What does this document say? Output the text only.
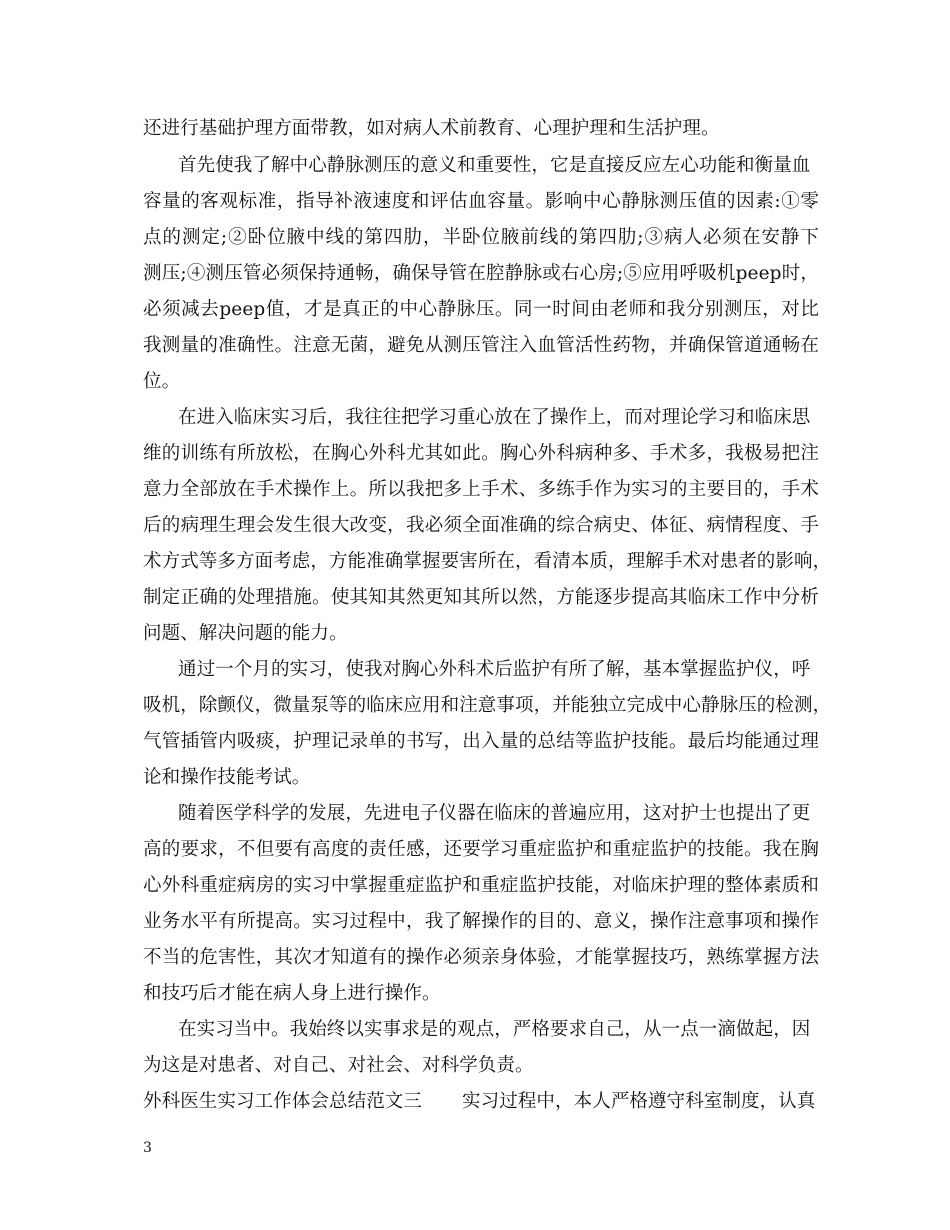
还进行基础护理方面带教，如对病人术前教育、心理护理和生活护理。
首先使我了解中心静脉测压的意义和重要性，它是直接反应左心功能和衡量血
容量的客观标准，指导补液速度和评估血容量。影响中心静脉测压值的因素:①零
点的测定;②卧位腋中线的第四肋，半卧位腋前线的第四肋;③病人必须在安静下
测压;④测压管必须保持通畅，确保导管在腔静脉或右心房;⑤应用呼吸机peep时，
必须减去peep值，才是真正的中心静脉压。同一时间由老师和我分别测压，对比
我测量的准确性。注意无菌，避免从测压管注入血管活性药物，并确保管道通畅在
位。
在进入临床实习后，我往往把学习重心放在了操作上，而对理论学习和临床思
维的训练有所放松，在胸心外科尤其如此。胸心外科病种多、手术多，我极易把注
意力全部放在手术操作上。所以我把多上手术、多练手作为实习的主要目的，手术
后的病理生理会发生很大改变，我必须全面准确的综合病史、体征、病情程度、手
术方式等多方面考虑，方能准确掌握要害所在，看清本质，理解手术对患者的影响，
制定正确的处理措施。使其知其然更知其所以然，方能逐步提高其临床工作中分析
问题、解决问题的能力。
通过一个月的实习，使我对胸心外科术后监护有所了解，基本掌握监护仪，呼
吸机，除颤仪，微量泵等的临床应用和注意事项，并能独立完成中心静脉压的检测，
气管插管内吸痰，护理记录单的书写，出入量的总结等监护技能。最后均能通过理
论和操作技能考试。
随着医学科学的发展，先进电子仪器在临床的普遍应用，这对护士也提出了更
高的要求，不但要有高度的责任感，还要学习重症监护和重症监护的技能。我在胸
心外科重症病房的实习中掌握重症监护和重症监护技能，对临床护理的整体素质和
业务水平有所提高。实习过程中，我了解操作的目的、意义，操作注意事项和操作
不当的危害性，其次才知道有的操作必须亲身体验，才能掌握技巧，熟练掌握方法
和技巧后才能在病人身上进行操作。
在实习当中。我始终以实事求是的观点，严格要求自己，从一点一滴做起，因
为这是对患者、对自己、对社会、对科学负责。
外科医生实习工作体会总结范文三 实习过程中，本人严格遵守科室制度，认真
3
